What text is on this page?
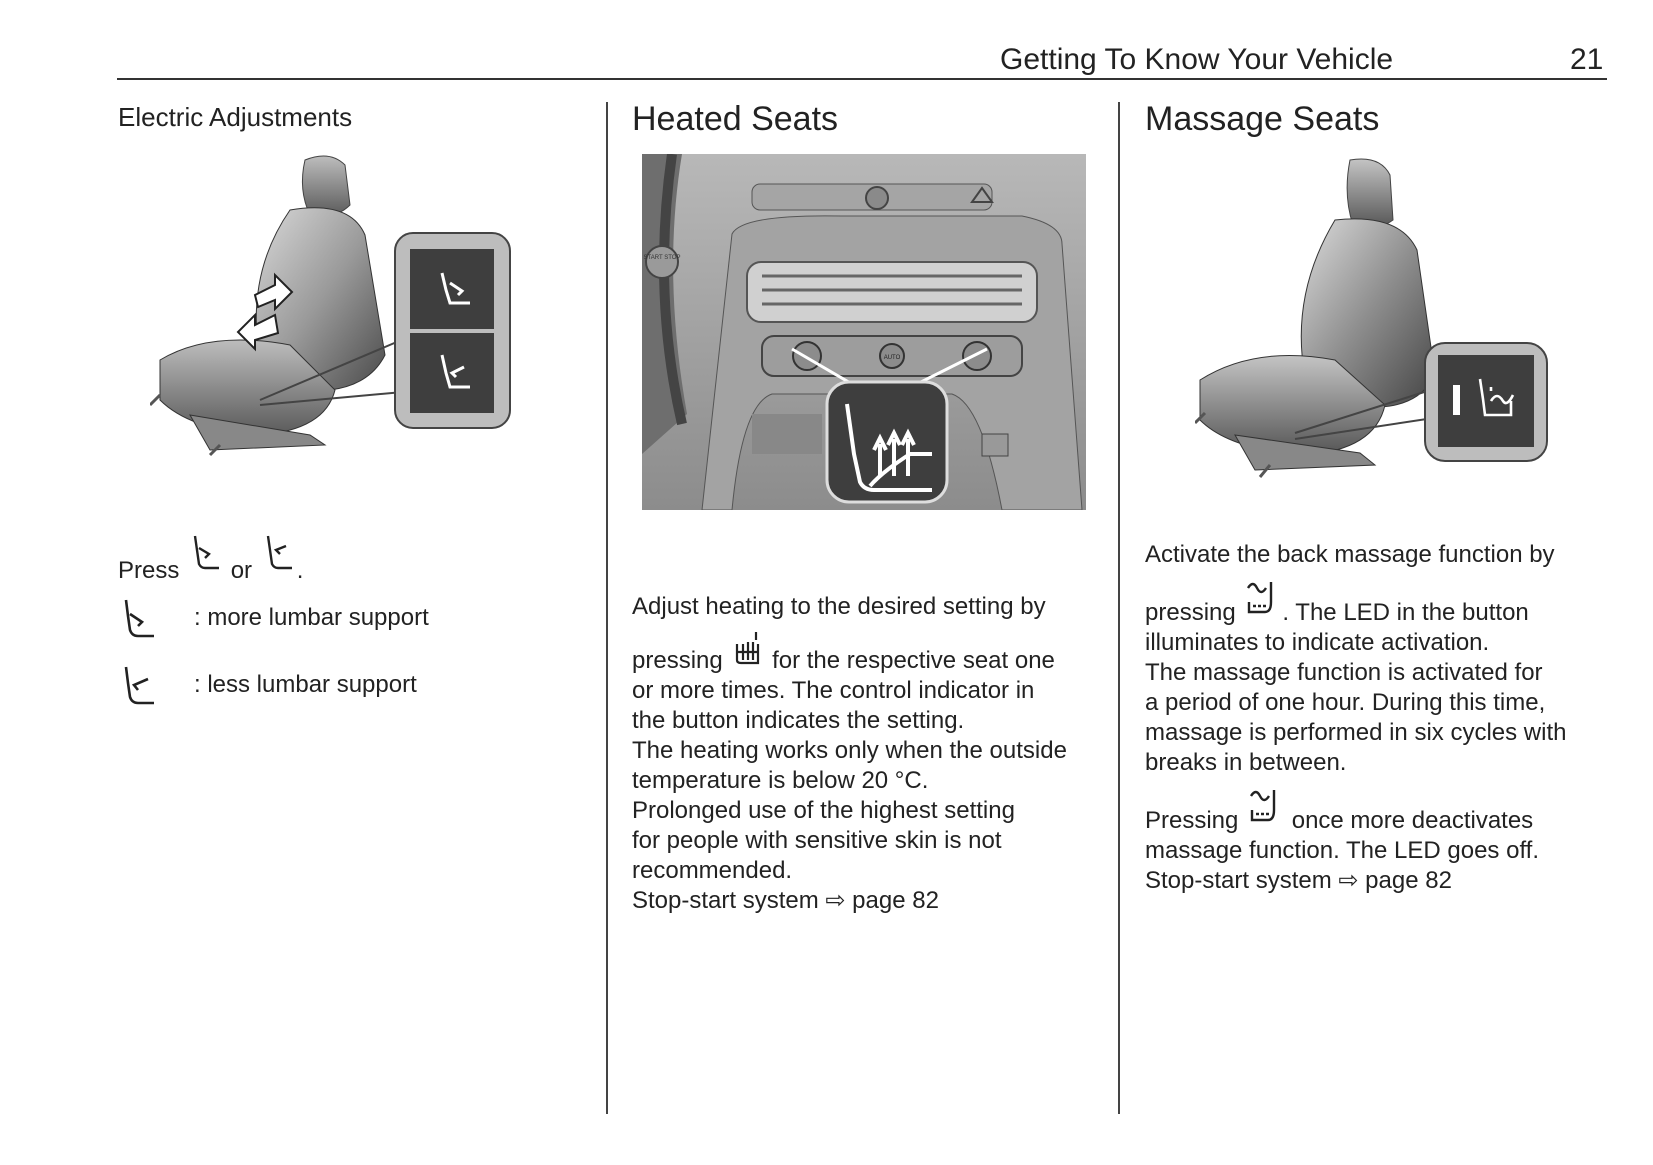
Getting To Know Your Vehicle	21
Electric Adjustments
Press or .
: more lumbar support
: less lumbar support
Heated Seats
START STOP
AUTO

Adjust heating to the desired setting by

pressing for the respective seat one

or more times. The control indicator in

the button indicates the setting.

The heating works only when the outside

temperature is below 20 °C.

Prolonged use of the highest setting

for people with sensitive skin is not

recommended.

Stop-start system ⇨ page 82

Massage Seats

Activate the back massage function by

pressing . The LED in the button

illuminates to indicate activation.

The massage function is activated for

a period of one hour. During this time,

massage is performed in six cycles with

breaks in between.

Pressing once more deactivates

massage function. The LED goes off.

Stop-start system ⇨ page 82
